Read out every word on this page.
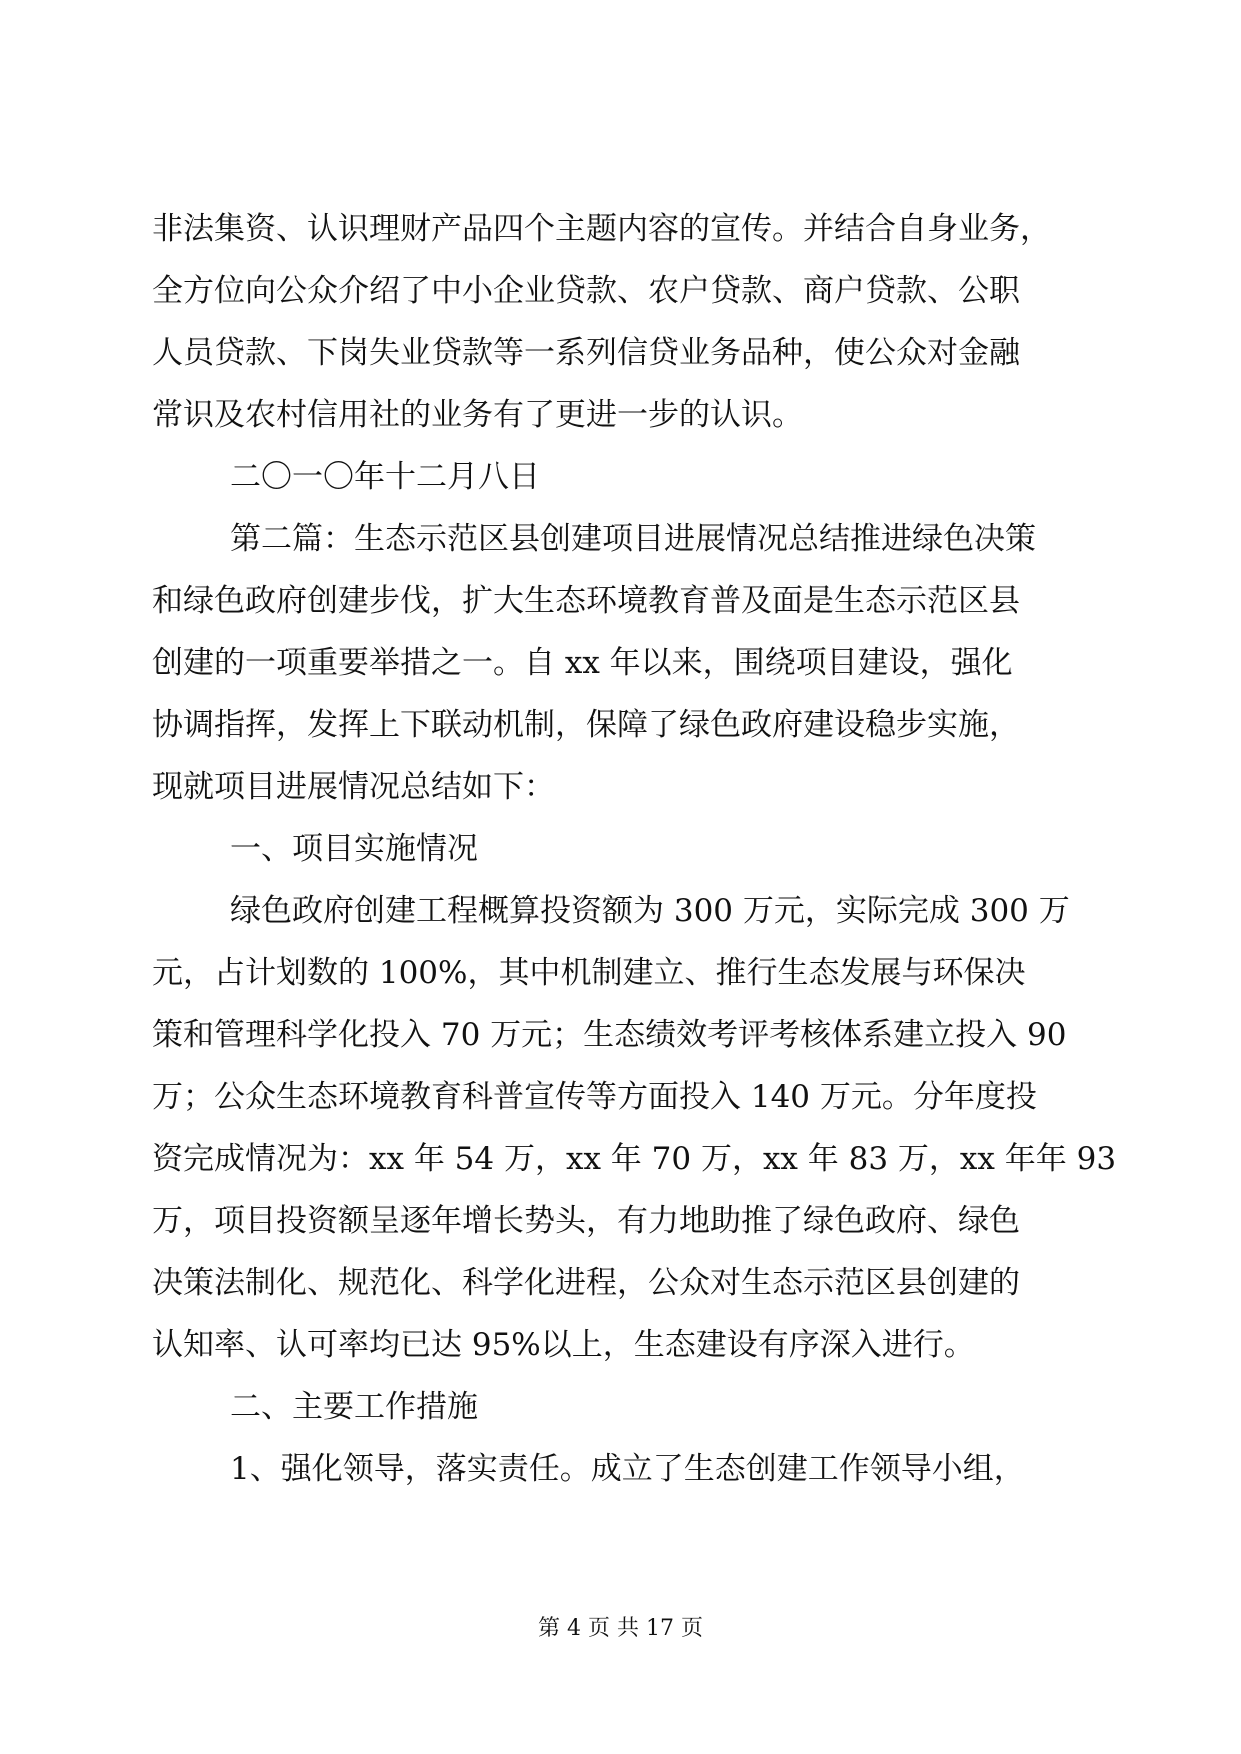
非法集资、认识理财产品四个主题内容的宣传。并结合自身业务，

全方位向公众介绍了中小企业贷款、农户贷款、商户贷款、公职

人员贷款、下岗失业贷款等一系列信贷业务品种，使公众对金融

常识及农村信用社的业务有了更进一步的认识。

二〇一〇年十二月八日

第二篇：生态示范区县创建项目进展情况总结推进绿色决策

和绿色政府创建步伐，扩大生态环境教育普及面是生态示范区县

创建的一项重要举措之一。自 xx 年以来，围绕项目建设，强化

协调指挥，发挥上下联动机制，保障了绿色政府建设稳步实施，

现就项目进展情况总结如下：

一、项目实施情况

绿色政府创建工程概算投资额为 300 万元，实际完成 300 万

元，占计划数的 100%，其中机制建立、推行生态发展与环保决

策和管理科学化投入 70 万元；生态绩效考评考核体系建立投入 90

万；公众生态环境教育科普宣传等方面投入 140 万元。分年度投

资完成情况为：xx 年 54 万，xx 年 70 万，xx 年 83 万，xx 年年 93

万，项目投资额呈逐年增长势头，有力地助推了绿色政府、绿色

决策法制化、规范化、科学化进程，公众对生态示范区县创建的

认知率、认可率均已达 95%以上，生态建设有序深入进行。

二、主要工作措施

1、强化领导，落实责任。成立了生态创建工作领导小组，

第 4 页 共 17 页
